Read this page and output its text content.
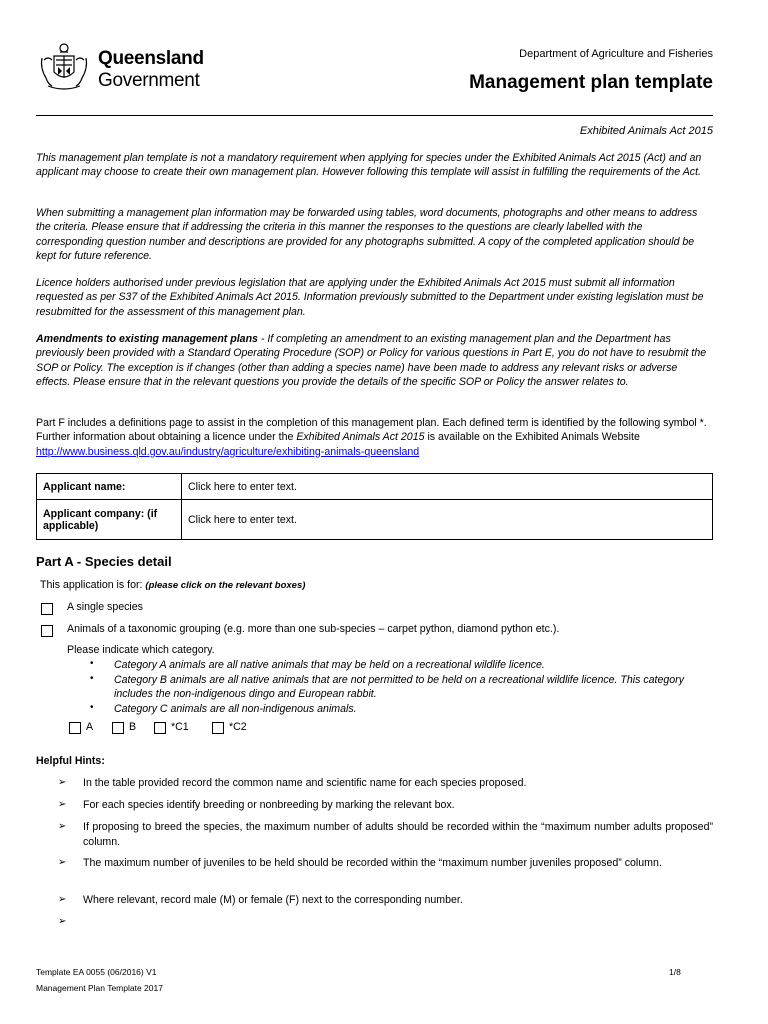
Queensland
Government
Department of Agriculture and Fisheries
Management plan template
Exhibited Animals Act 2015
This management plan template is not a mandatory requirement when applying for species under the Exhibited Animals Act 2015 (Act) and an applicant may choose to create their own management plan. However following this template will assist in fulfilling the requirements of the Act.
When submitting a management plan information may be forwarded using tables, word documents, photographs and other means to address the criteria. Please ensure that if addressing the criteria in this manner the responses to the questions are clearly labelled with the corresponding question number and descriptions are provided for any photographs submitted. A copy of the completed application should be kept for future reference.
Licence holders authorised under previous legislation that are applying under the Exhibited Animals Act 2015 must submit all information requested as per S37 of the Exhibited Animals Act 2015. Information previously submitted to the Department under existing legislation must be resubmitted for the assessment of this management plan.
Amendments to existing management plans - If completing an amendment to an existing management plan and the Department has previously been provided with a Standard Operating Procedure (SOP) or Policy for various questions in Part E, you do not have to resubmit the SOP or Policy. The exception is if changes (other than adding a species name) have been made to address any relevant risks or adverse effects. Please ensure that in the relevant questions you provide the details of the specific SOP or Policy the answer relates to.
Part F includes a definitions page to assist in the completion of this management plan. Each defined term is identified by the following symbol *. Further information about obtaining a licence under the Exhibited Animals Act 2015 is available on the Exhibited Animals Website http://www.business.qld.gov.au/industry/agriculture/exhibiting-animals-queensland
Applicant name:	Click here to enter text.
Applicant company: (if applicable)	Click here to enter text.
Part A - Species detail
This application is for: (please click on the relevant boxes)
A single species
Animals of a taxonomic grouping (e.g. more than one sub-species – carpet python, diamond python etc.).
Please indicate which category.
• Category A animals are all native animals that may be held on a recreational wildlife licence.
• Category B animals are all native animals that are not permitted to be held on a recreational wildlife licence. This category includes the non-indigenous dingo and European rabbit.
• Category C animals are all non-indigenous animals.
A	B	*C1	*C2
Helpful Hints:
➢ In the table provided record the common name and scientific name for each species proposed.
➢ For each species identify breeding or nonbreeding by marking the relevant box.
➢ If proposing to breed the species, the maximum number of adults should be recorded within the “maximum number adults proposed” column.
➢ The maximum number of juveniles to be held should be recorded within the “maximum number juveniles proposed” column.
➢ Where relevant, record male (M) or female (F) next to the corresponding number.
➢
Template EA 0055 (06/2016) V1
Management Plan Template 2017
1/8
